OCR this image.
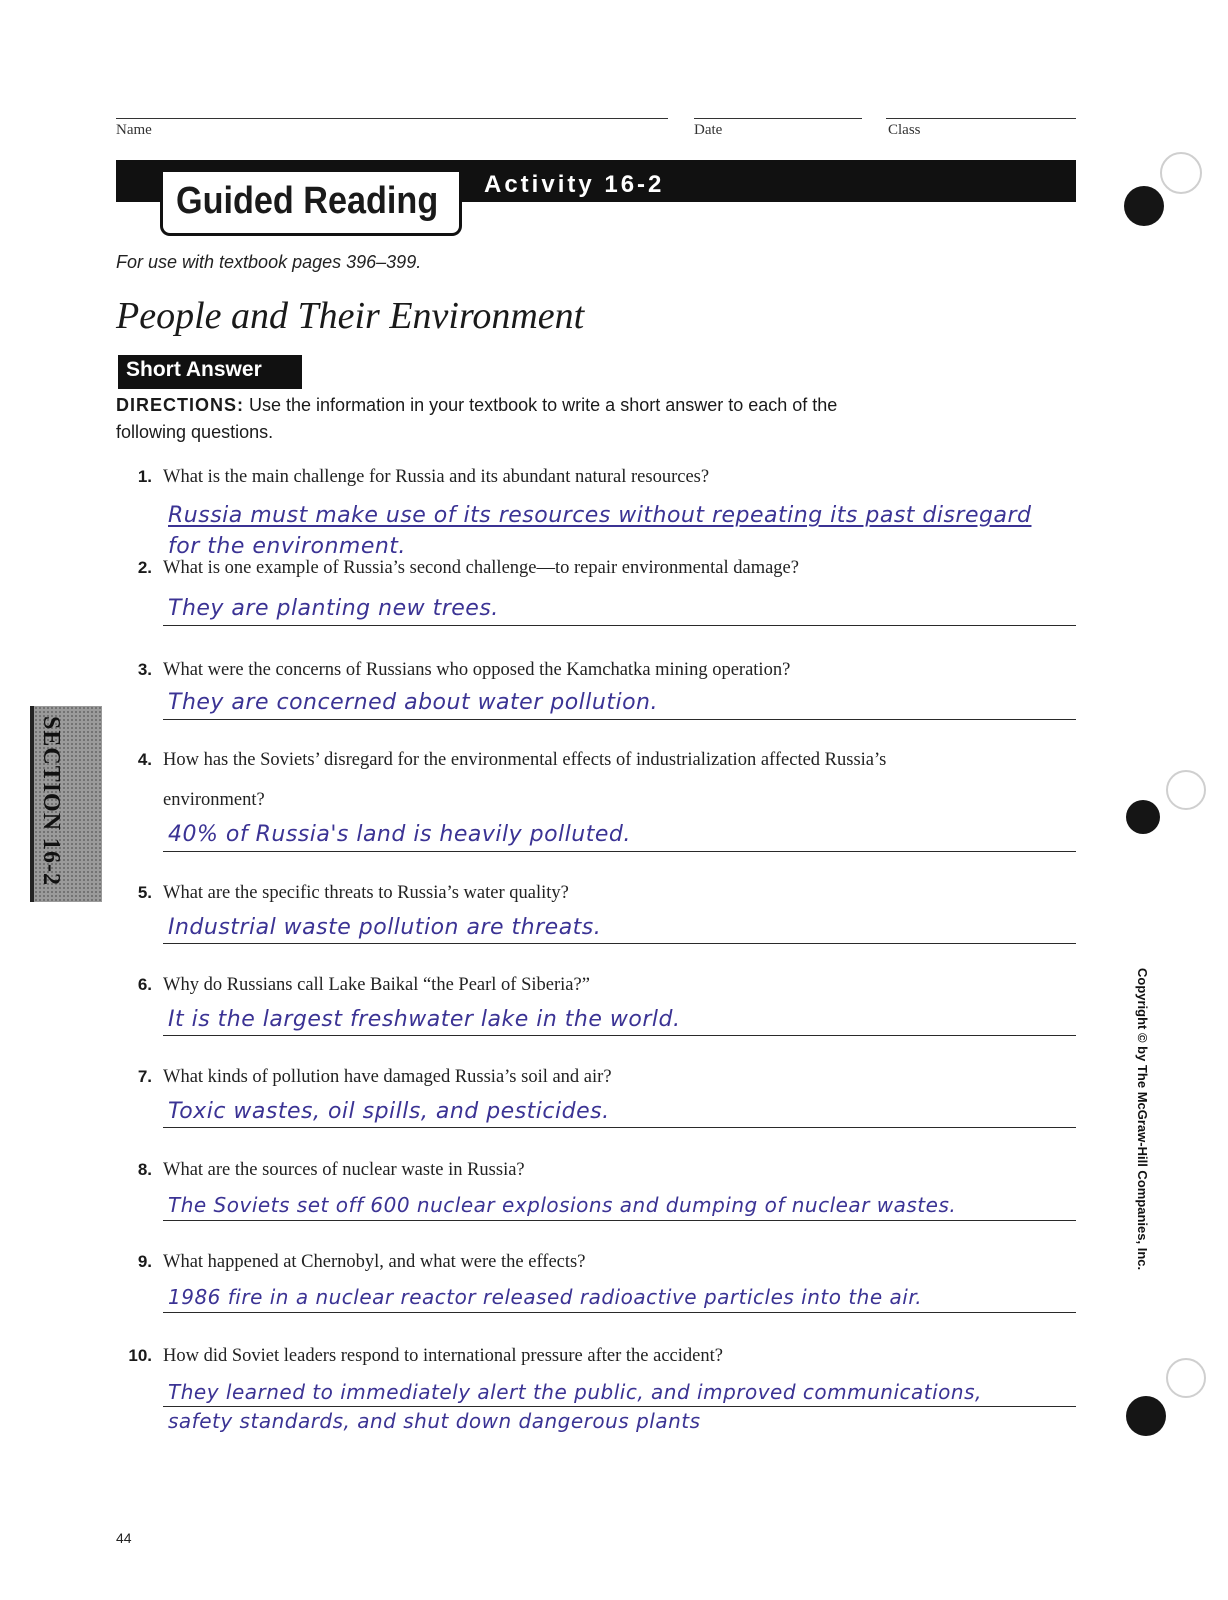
Name	Date	Class
Guided Reading Activity 16-2
For use with textbook pages 396–399.
People and Their Environment
Short Answer
DIRECTIONS: Use the information in your textbook to write a short answer to each of the following questions.
1. What is the main challenge for Russia and its abundant natural resources?
Russia must make use of its resources without repeating its past disregard
for the environment.
2. What is one example of Russia’s second challenge—to repair environmental damage?
They are planting new trees.
3. What were the concerns of Russians who opposed the Kamchatka mining operation?
They are concerned about water pollution.
4. How has the Soviets’ disregard for the environmental effects of industrialization affected Russia’s
environment?
40% of Russia's land is heavily polluted.
5. What are the specific threats to Russia’s water quality?
Industrial waste pollution are threats.
6. Why do Russians call Lake Baikal “the Pearl of Siberia?”
It is the largest freshwater lake in the world.
7. What kinds of pollution have damaged Russia’s soil and air?
Toxic wastes, oil spills, and pesticides.
8. What are the sources of nuclear waste in Russia?
The Soviets set off 600 nuclear explosions and dumping of nuclear wastes.
9. What happened at Chernobyl, and what were the effects?
1986 fire in a nuclear reactor released radioactive particles into the air.
10. How did Soviet leaders respond to international pressure after the accident?
They learned to immediately alert the public, and improved communications,
safety standards, and shut down dangerous plants
SECTION 16-2
Copyright © by The McGraw-Hill Companies, Inc.
44
